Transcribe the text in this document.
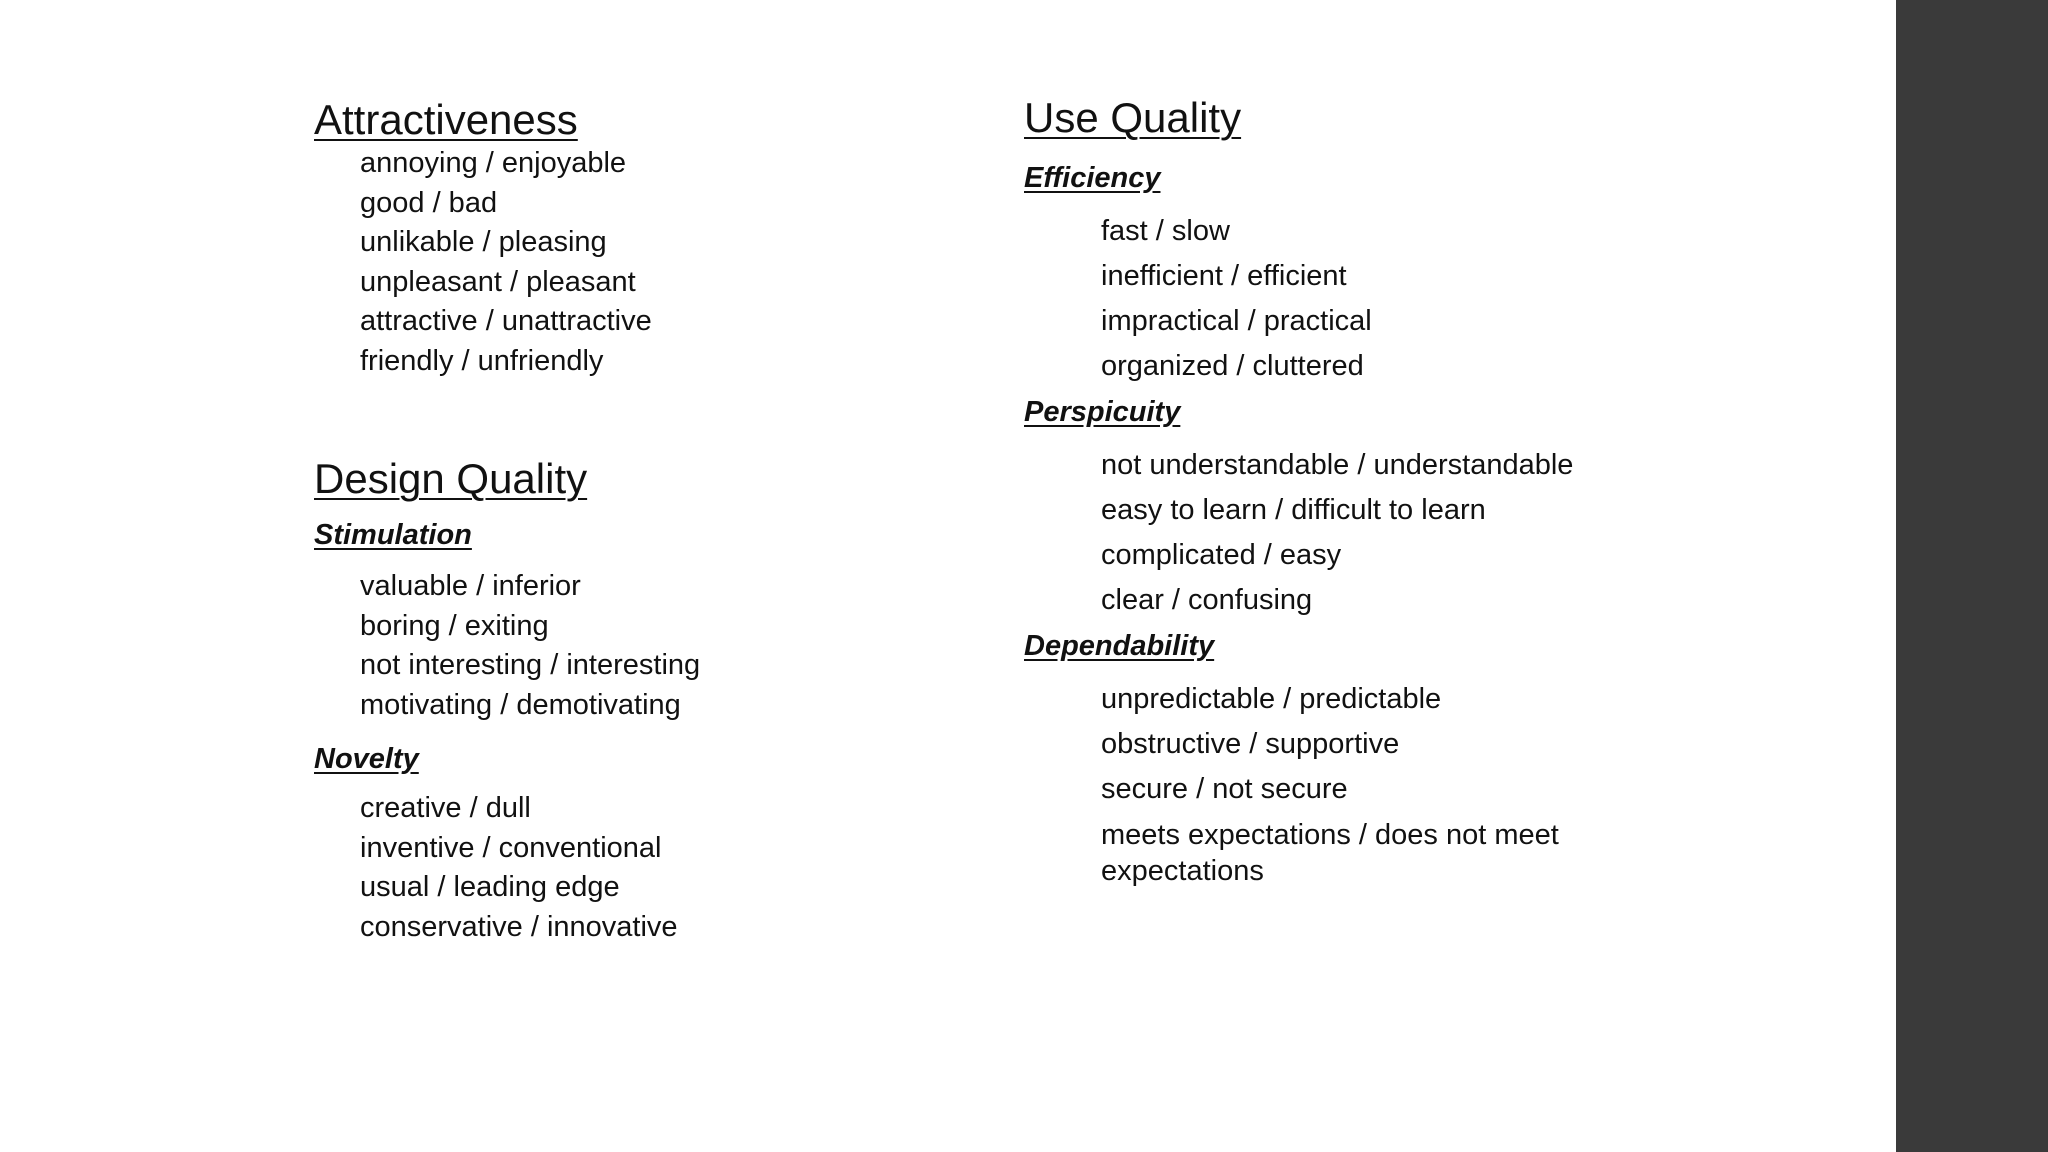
Attractiveness
annoying / enjoyable
good / bad
unlikable / pleasing
unpleasant / pleasant
attractive / unattractive
friendly / unfriendly
Design Quality
Stimulation
valuable / inferior
boring / exiting
not interesting / interesting
motivating / demotivating
Novelty
creative / dull
inventive / conventional
usual / leading edge
conservative / innovative
Use Quality
Efficiency
fast / slow
inefficient / efficient
impractical / practical
organized / cluttered
Perspicuity
not understandable / understandable
easy to learn / difficult to learn
complicated / easy
clear / confusing
Dependability
unpredictable / predictable
obstructive / supportive
secure / not secure
meets expectations / does not meet expectations
